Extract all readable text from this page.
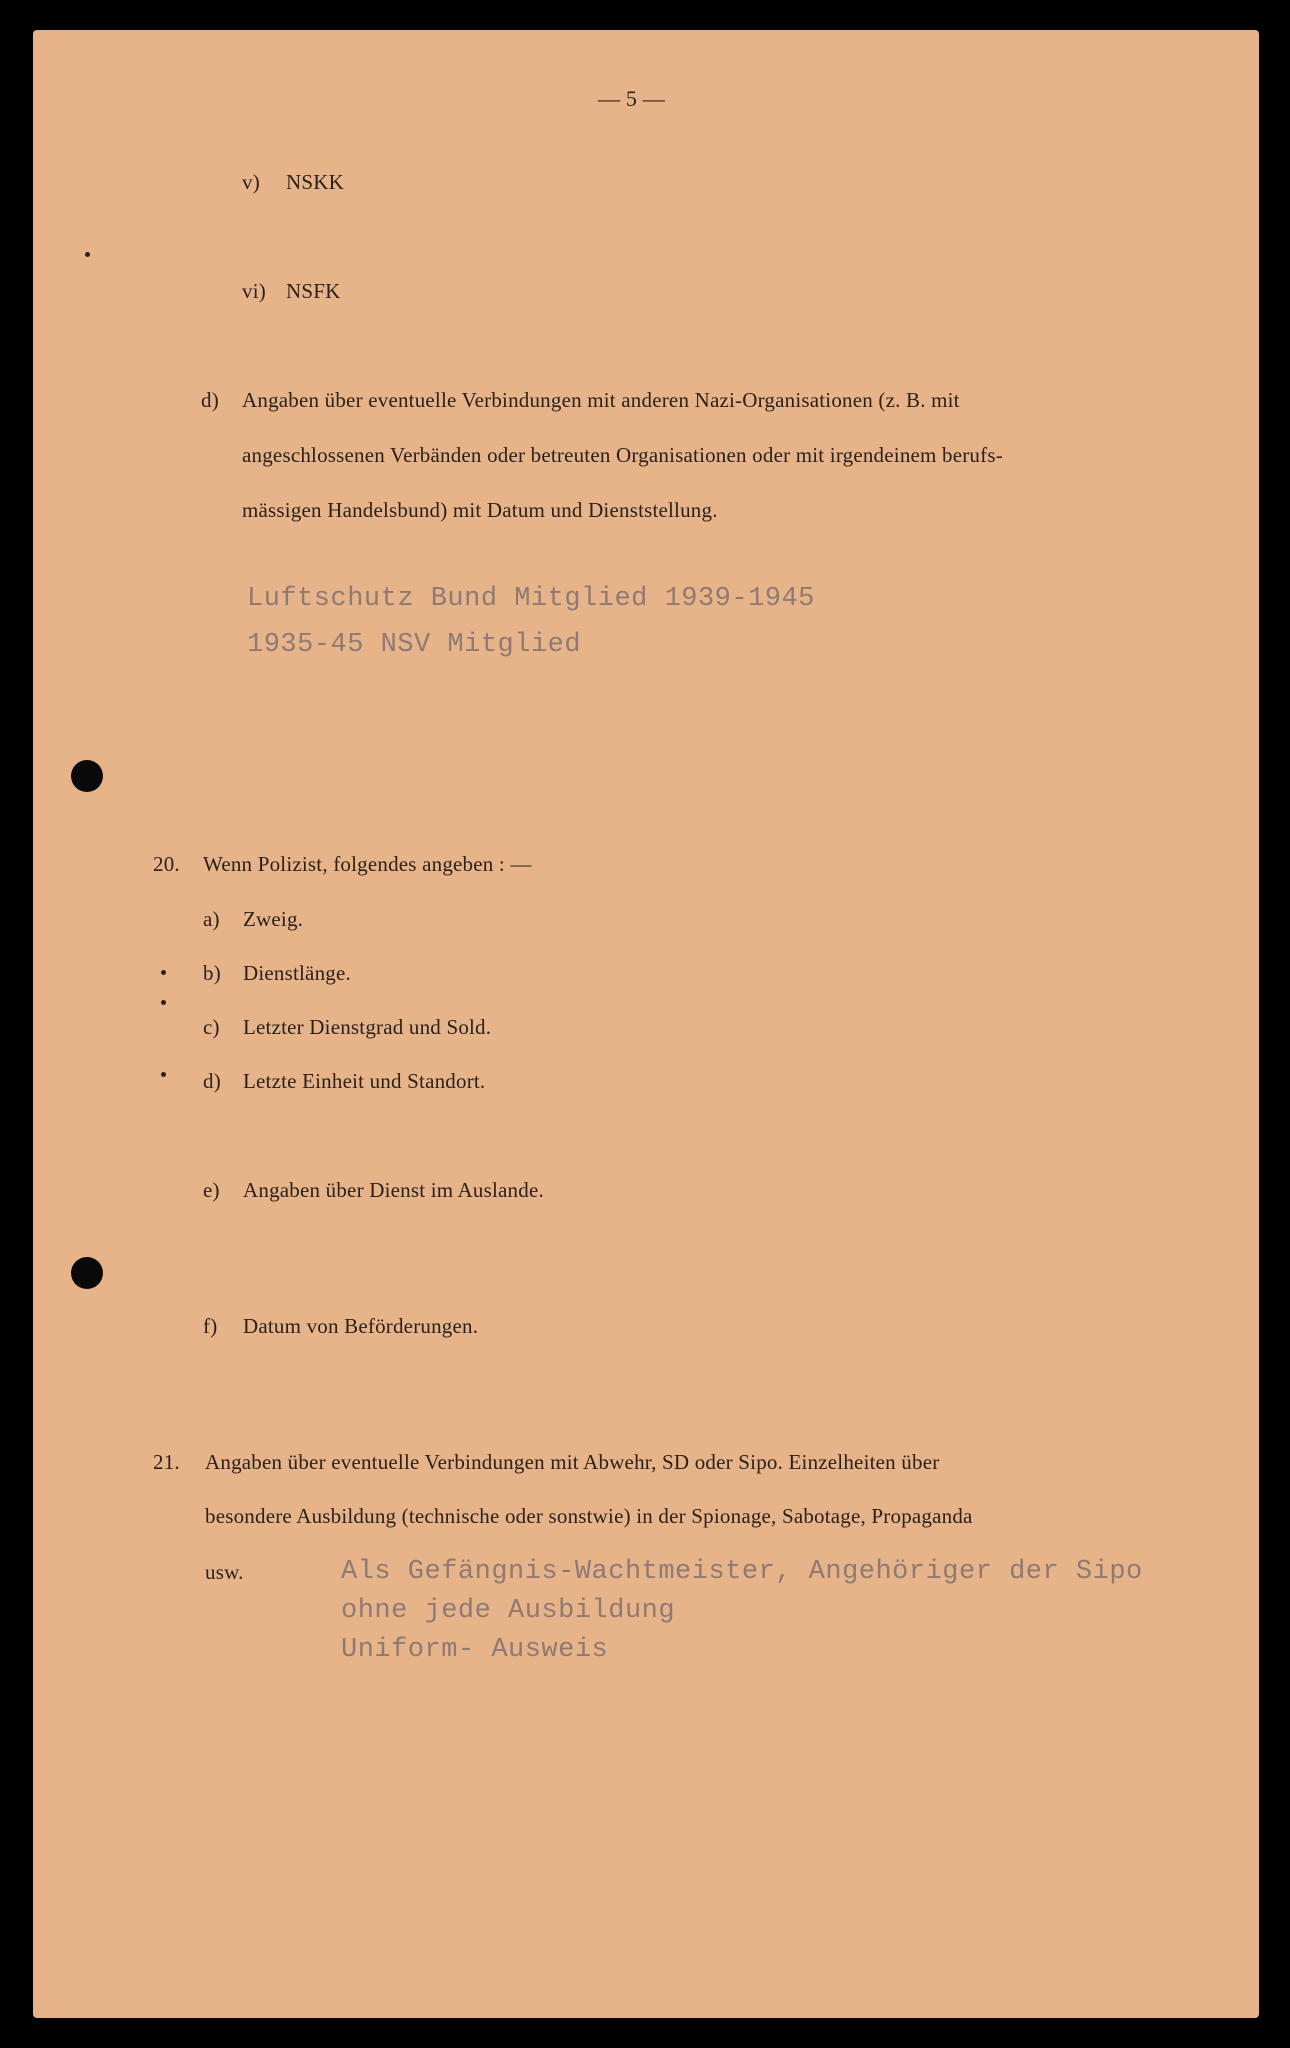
— 5 —
v) NSKK
vi) NSFK
d) Angaben über eventuelle Verbindungen mit anderen Nazi-Organisationen (z. B. mit
angeschlossenen Verbänden oder betreuten Organisationen oder mit irgendeinem berufs-
mässigen Handelsbund) mit Datum und Dienststellung.
Luftschutz Bund Mitglied 1939-1945
1935-45 NSV Mitglied
20. Wenn Polizist, folgendes angeben : —
a) Zweig.
b) Dienstlänge.
c) Letzter Dienstgrad und Sold.
d) Letzte Einheit und Standort.
e) Angaben über Dienst im Auslande.
f) Datum von Beförderungen.
21. Angaben über eventuelle Verbindungen mit Abwehr, SD oder Sipo. Einzelheiten über
besondere Ausbildung (technische oder sonstwie) in der Spionage, Sabotage, Propaganda
usw.	Als Gefängnis-Wachtmeister, Angehöriger der Sipo
ohne jede Ausbildung
Uniform- Ausweis
